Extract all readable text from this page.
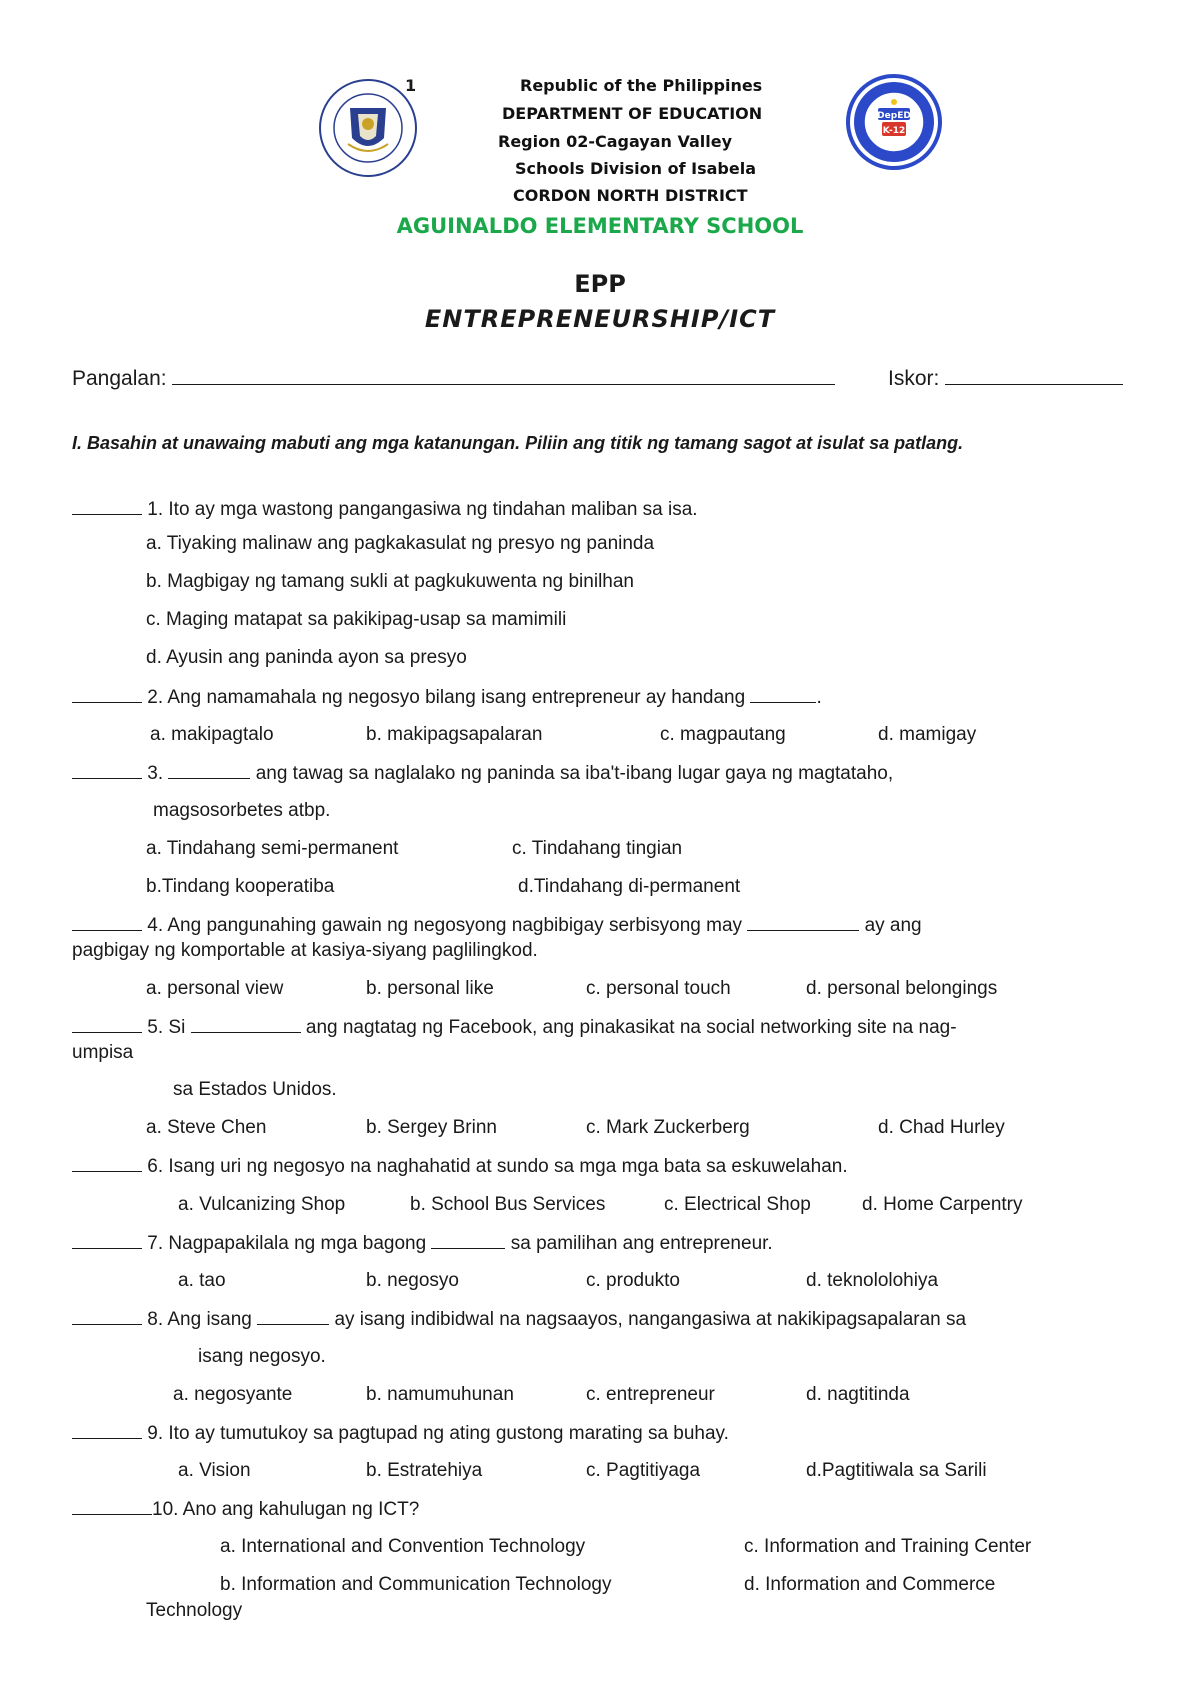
1	Republic of the Philippines
DEPARTMENT OF EDUCATION
Region 02-Cagayan Valley
Schools Division of Isabela
CORDON NORTH DISTRICT
DepED
K-12
AGUINALDO ELEMENTARY SCHOOL
EPP
ENTREPRENEURSHIP/ICT
Pangalan:	Iskor:
I. Basahin at unawaing mabuti ang mga katanungan. Piliin ang titik ng tamang sagot at isulat sa patlang.
1. Ito ay mga wastong pangangasiwa ng tindahan maliban sa isa.
a. Tiyaking malinaw ang pagkakasulat ng presyo ng paninda
b. Magbigay ng tamang sukli at pagkukuwenta ng binilhan
c. Maging matapat sa pakikipag-usap sa mamimili
d. Ayusin ang paninda ayon sa presyo
2. Ang namamahala ng negosyo bilang isang entrepreneur ay handang	.
a. makipagtalo	b. makipagsapalaran	c. magpautang	d. mamigay
3.	ang tawag sa naglalako ng paninda sa iba't-ibang lugar gaya ng magtataho,
magsosorbetes atbp.
a. Tindahang semi-permanent	c. Tindahang tingian
b.Tindang kooperatiba	d.Tindahang di-permanent
4. Ang pangunahing gawain ng negosyong nagbibigay serbisyong may	ay ang
pagbigay ng komportable at kasiya-siyang paglilingkod.
a. personal view	b. personal like	c. personal touch	d. personal belongings
5. Si	ang nagtatag ng Facebook, ang pinakasikat na social networking site na nag-
umpisa
sa Estados Unidos.
a. Steve Chen	b. Sergey Brinn	c. Mark Zuckerberg	d. Chad Hurley
6. Isang uri ng negosyo na naghahatid at sundo sa mga mga bata sa eskuwelahan.
a. Vulcanizing Shop	b. School Bus Services	c. Electrical Shop	d. Home Carpentry
7. Nagpapakilala ng mga bagong	sa pamilihan ang entrepreneur.
a. tao	b. negosyo	c. produkto	d. teknololohiya
8. Ang isang	ay isang indibidwal na nagsaayos, nangangasiwa at nakikipagsapalaran sa
isang negosyo.
a. negosyante	b. namumuhunan	c. entrepreneur	d. nagtitinda
9. Ito ay tumutukoy sa pagtupad ng ating gustong marating sa buhay.
a. Vision	b. Estratehiya	c. Pagtitiyaga	d.Pagtitiwala sa Sarili
10. Ano ang kahulugan ng ICT?
a. International and Convention Technology	c. Information and Training Center
b. Information and Communication Technology	d. Information and Commerce
Technology
